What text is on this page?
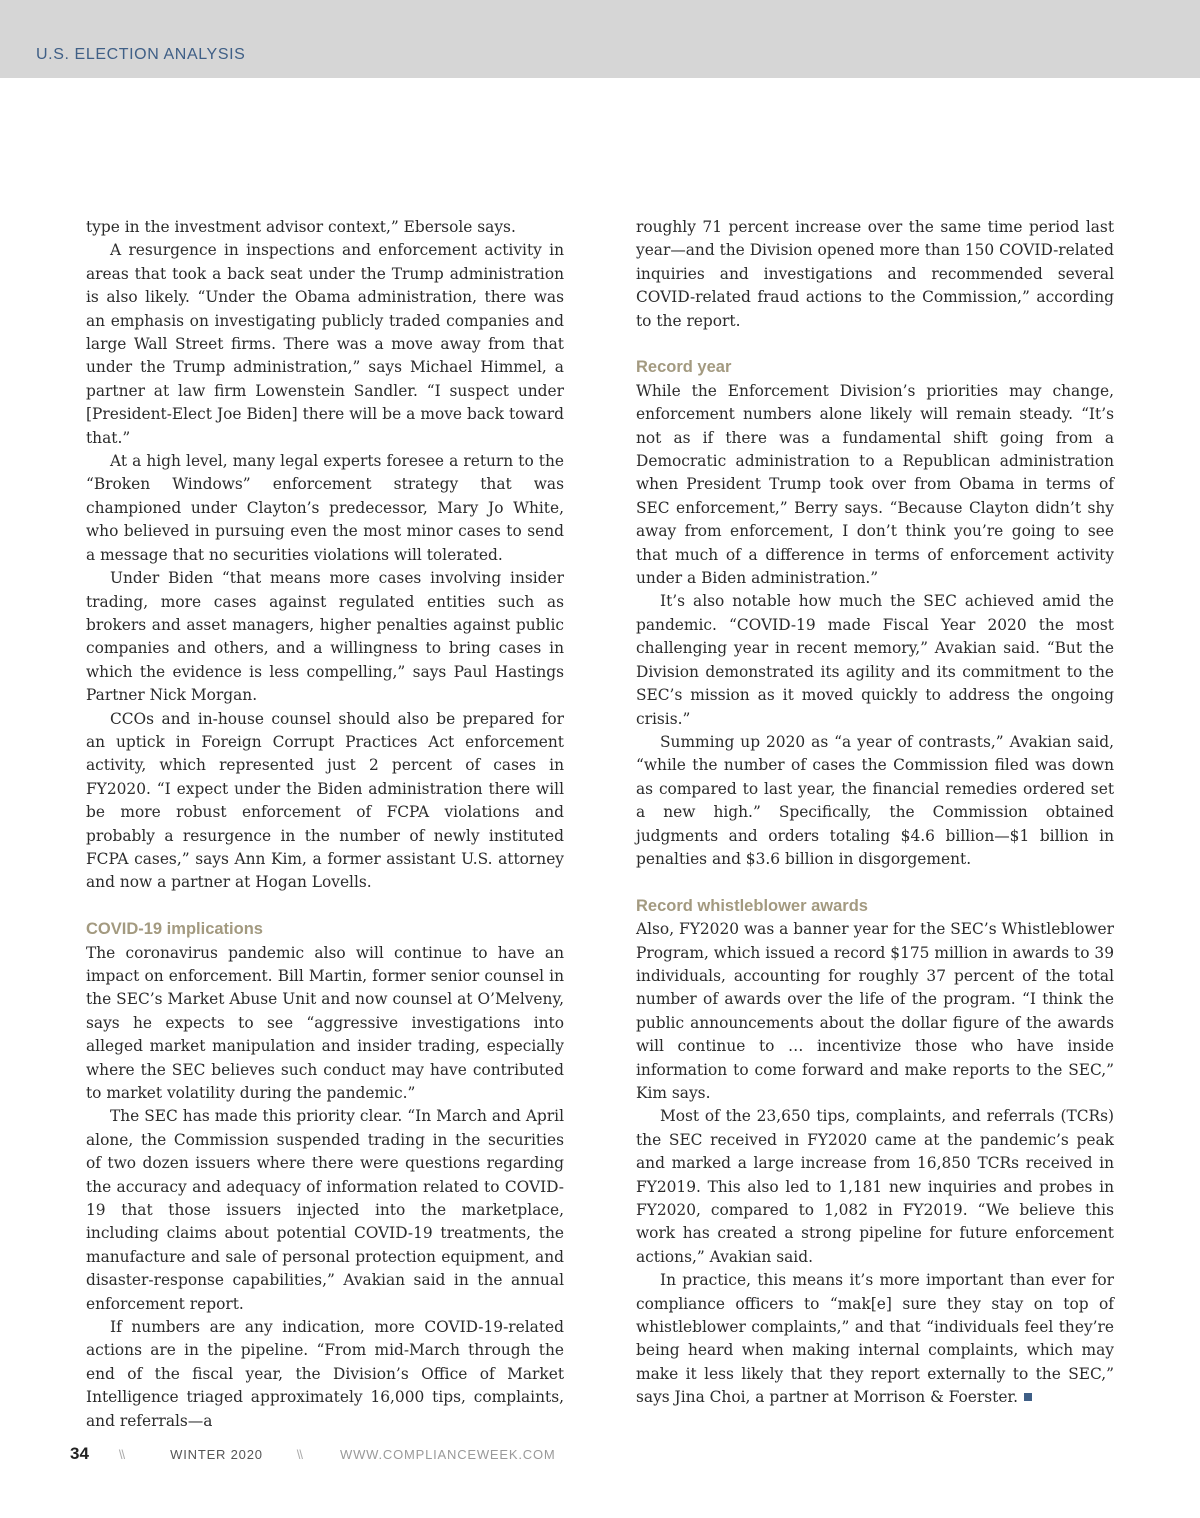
U.S. ELECTION ANALYSIS

type in the investment advisor context,” Ebersole says.

A resurgence in inspections and enforcement activity in areas that took a back seat under the Trump administration is also likely. “Under the Obama administration, there was an emphasis on investigating publicly traded companies and large Wall Street firms. There was a move away from that under the Trump administration,” says Michael Himmel, a partner at law firm Lowenstein Sandler. “I suspect under [President-Elect Joe Biden] there will be a move back toward that.”

At a high level, many legal experts foresee a return to the “Broken Windows” enforcement strategy that was championed under Clayton’s predecessor, Mary Jo White, who believed in pursuing even the most minor cases to send a message that no securities violations will tolerated.

Under Biden “that means more cases involving insider trading, more cases against regulated entities such as brokers and asset managers, higher penalties against public companies and others, and a willingness to bring cases in which the evidence is less compelling,” says Paul Hastings Partner Nick Morgan.

CCOs and in-house counsel should also be prepared for an uptick in Foreign Corrupt Practices Act enforcement activity, which represented just 2 percent of cases in FY2020. “I expect under the Biden administration there will be more robust enforcement of FCPA violations and probably a resurgence in the number of newly instituted FCPA cases,” says Ann Kim, a former assistant U.S. attorney and now a partner at Hogan Lovells.

COVID-19 implications

The coronavirus pandemic also will continue to have an impact on enforcement. Bill Martin, former senior counsel in the SEC’s Market Abuse Unit and now counsel at O’Melveny, says he expects to see “aggressive investigations into alleged market manipulation and insider trading, especially where the SEC believes such conduct may have contributed to market volatility during the pandemic.”

The SEC has made this priority clear. “In March and April alone, the Commission suspended trading in the securities of two dozen issuers where there were questions regarding the accuracy and adequacy of information related to COVID-19 that those issuers injected into the marketplace, including claims about potential COVID-19 treatments, the manufacture and sale of personal protection equipment, and disaster-response capabilities,” Avakian said in the annual enforcement report.

If numbers are any indication, more COVID-19-related actions are in the pipeline. “From mid-March through the end of the fiscal year, the Division’s Office of Market Intelligence triaged approximately 16,000 tips, complaints, and referrals—a

roughly 71 percent increase over the same time period last year—and the Division opened more than 150 COVID-related inquiries and investigations and recommended several COVID-related fraud actions to the Commission,” according to the report.

Record year

While the Enforcement Division’s priorities may change, enforcement numbers alone likely will remain steady. “It’s not as if there was a fundamental shift going from a Democratic administration to a Republican administration when President Trump took over from Obama in terms of SEC enforcement,” Berry says. “Because Clayton didn’t shy away from enforcement, I don’t think you’re going to see that much of a difference in terms of enforcement activity under a Biden administration.”

It’s also notable how much the SEC achieved amid the pandemic. “COVID-19 made Fiscal Year 2020 the most challenging year in recent memory,” Avakian said. “But the Division demonstrated its agility and its commitment to the SEC’s mission as it moved quickly to address the ongoing crisis.”

Summing up 2020 as “a year of contrasts,” Avakian said, “while the number of cases the Commission filed was down as compared to last year, the financial remedies ordered set a new high.” Specifically, the Commission obtained judgments and orders totaling $4.6 billion—$1 billion in penalties and $3.6 billion in disgorgement.

Record whistleblower awards

Also, FY2020 was a banner year for the SEC’s Whistleblower Program, which issued a record $175 million in awards to 39 individuals, accounting for roughly 37 percent of the total number of awards over the life of the program. “I think the public announcements about the dollar figure of the awards will continue to … incentivize those who have inside information to come forward and make reports to the SEC,” Kim says.

Most of the 23,650 tips, complaints, and referrals (TCRs) the SEC received in FY2020 came at the pandemic’s peak and marked a large increase from 16,850 TCRs received in FY2019. This also led to 1,181 new inquiries and probes in FY2020, compared to 1,082 in FY2019. “We believe this work has created a strong pipeline for future enforcement actions,” Avakian said.

In practice, this means it’s more important than ever for compliance officers to “mak[e] sure they stay on top of whistleblower complaints,” and that “individuals feel they’re being heard when making internal complaints, which may make it less likely that they report externally to the SEC,” says Jina Choi, a partner at Morrison & Foerster.

34 \\	WINTER 2020	\\	WWW.COMPLIANCEWEEK.COM
